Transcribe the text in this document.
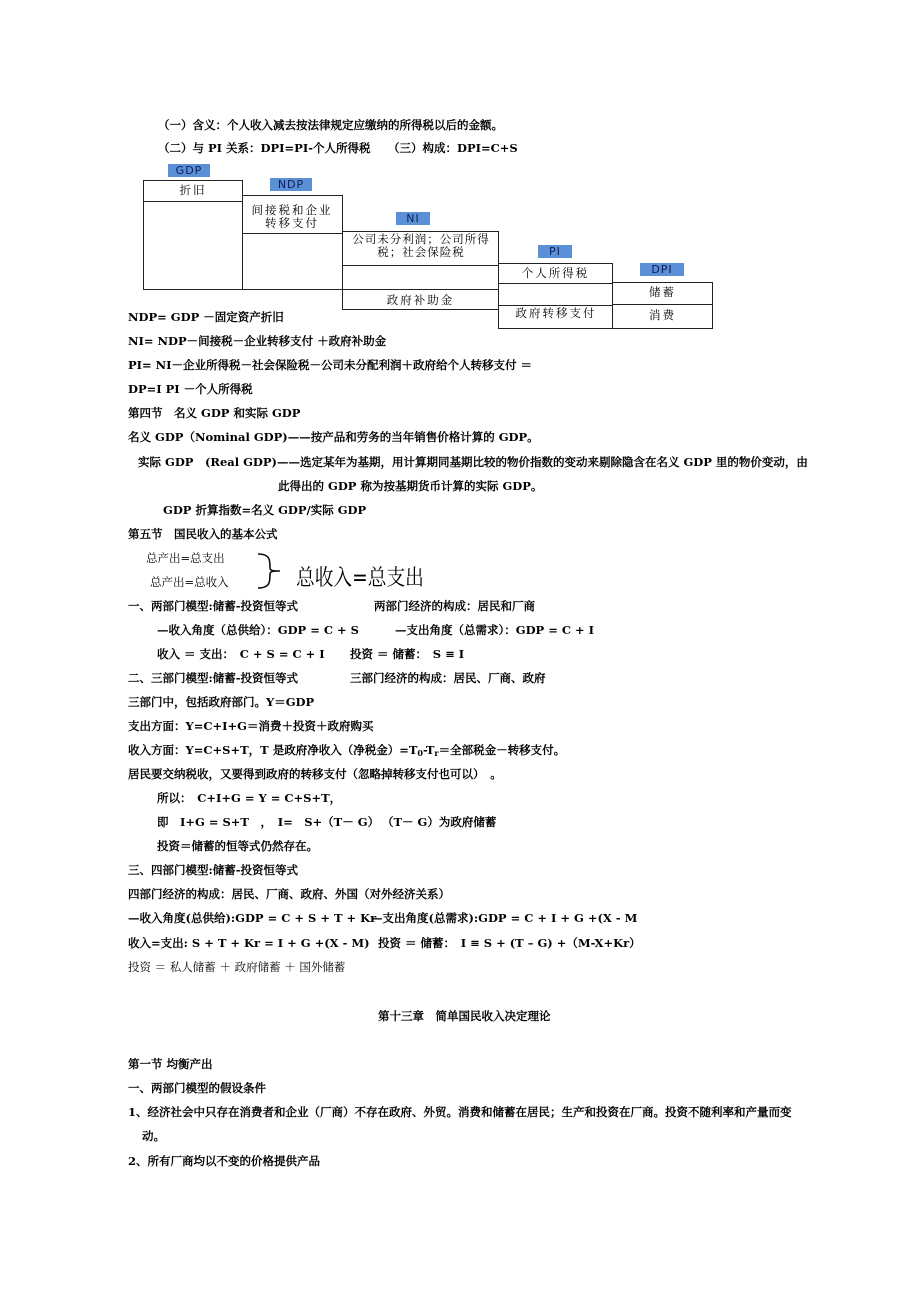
（一）含义：个人收入减去按法律规定应缴纳的所得税以后的金额。
（二）与 PI 关系：DPI=PI-个人所得税 （三）构成：DPI=C+S
GDP
折旧	NDP
间接税和企业转移支付	NI
公司未分利润；公司所得税；社会保险税
政府补助金
PI
个人所得税
政府转移支付
DPI
储蓄
消费
NDP= GDP －固定资产折旧
NI= NDP－间接税－企业转移支付 ＋政府补助金
PI= NI－企业所得税－社会保险税－公司未分配利润＋政府给个人转移支付 ＝
DP=I PI －个人所得税
第四节　名义 GDP 和实际 GDP
名义 GDP（Nominal GDP)——按产品和劳务的当年销售价格计算的 GDP。
实际 GDP　(Real GDP)——选定某年为基期，用计算期同基期比较的物价指数的变动来剔除隐含在名义 GDP 里的物价变动，由
此得出的 GDP 称为按基期货币计算的实际 GDP。
GDP 折算指数=名义 GDP/实际 GDP
第五节　国民收入的基本公式
总产出=总支出
总产出=总收入	总收入=总支出
一、两部门模型:储蓄-投资恒等式	两部门经济的构成：居民和厂商
—收入角度（总供给）：GDP = C + S	—支出角度（总需求）：GDP = C + I
收入 ＝ 支出：　C + S = C + I 投资 ＝ 储蓄：　S ≡ I
二、三部门模型:储蓄-投资恒等式	三部门经济的构成：居民、厂商、政府
三部门中，包括政府部门。Y＝GDP
支出方面：Y=C+I+G＝消费＋投资＋政府购买
收入方面：Y=C+S+T，T 是政府净收入（净税金）$=T_0-T_r=$全部税金－转移支付。
居民要交纳税收，又要得到政府的转移支付（忽略掉转移支付也可以）　。
所以：　C+I+G = Y = C+S+T，
即　I+G = S+T　，　I=　S+（T－ G） （T－ G）为政府储蓄
投资＝储蓄的恒等式仍然存在。
三、四部门模型:储蓄-投资恒等式
四部门经济的构成：居民、厂商、政府、外国（对外经济关系）
—收入角度(总供给):GDP = C + S + T + Kr
—支出角度(总需求):GDP = C + I + G +(X - M
收入=支出: S + T + Kr = I + G +(X - M) 投资 ＝ 储蓄：　I ≡ S + (T – G) +（M-X+Kr）
投资 ＝ 私人储蓄 ＋ 政府储蓄 ＋ 国外储蓄
第十三章　简单国民收入决定理论
第一节 均衡产出
一、两部门模型的假设条件
1、经济社会中只存在消费者和企业（厂商）不存在政府、外贸。消费和储蓄在居民；生产和投资在厂商。投资不随利率和产量而变
动。
2、所有厂商均以不变的价格提供产品
